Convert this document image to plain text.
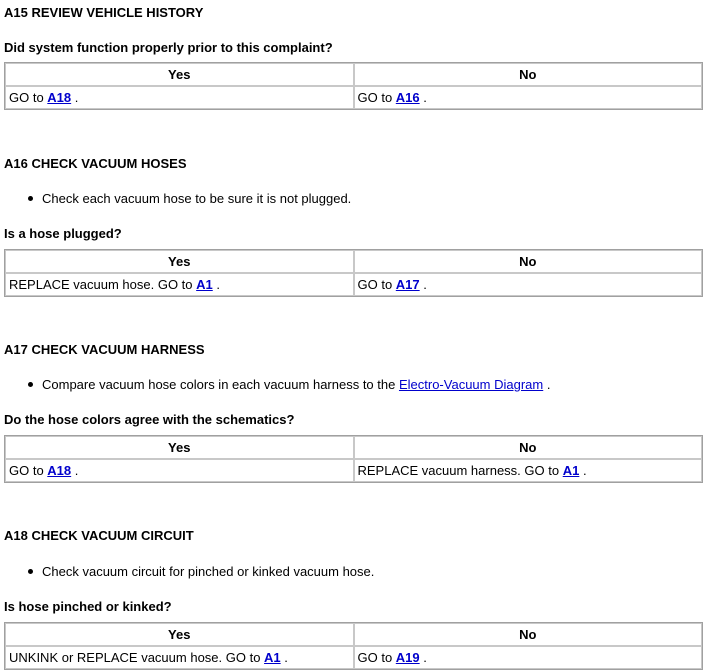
A15 REVIEW VEHICLE HISTORY
Did system function properly prior to this complaint?
Yes	No
GO to A18 .	GO to A16 .
A16 CHECK VACUUM HOSES
Check each vacuum hose to be sure it is not plugged.
Is a hose plugged?
Yes	No
REPLACE vacuum hose. GO to A1 .	GO to A17 .
A17 CHECK VACUUM HARNESS
Compare vacuum hose colors in each vacuum harness to the Electro-Vacuum Diagram .
Do the hose colors agree with the schematics?
Yes	No
GO to A18 .	REPLACE vacuum harness. GO to A1 .
A18 CHECK VACUUM CIRCUIT
Check vacuum circuit for pinched or kinked vacuum hose.
Is hose pinched or kinked?
Yes	No
UNKINK or REPLACE vacuum hose. GO to A1 .	GO to A19 .
